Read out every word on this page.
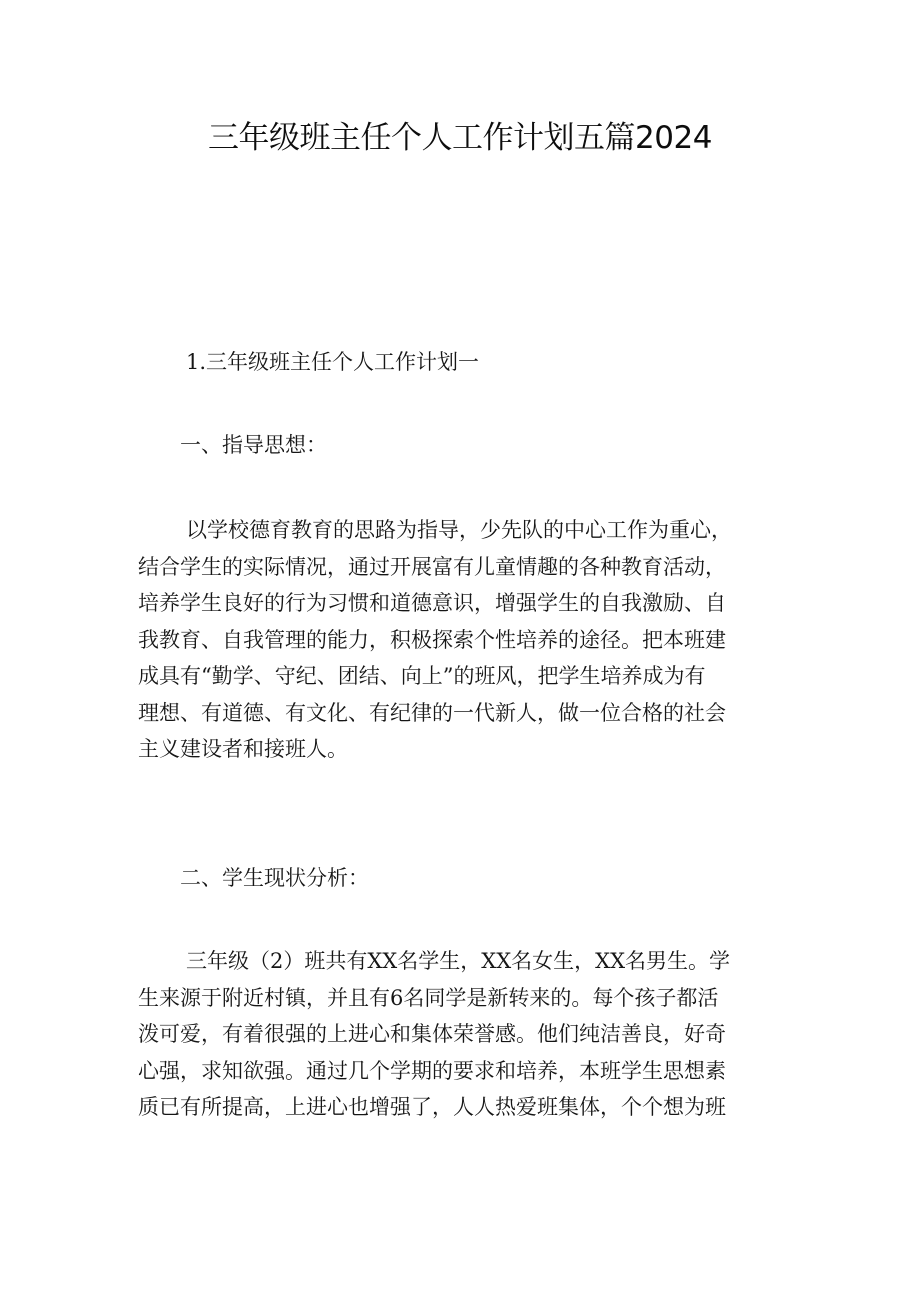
三年级班主任个人工作计划五篇2024
1.三年级班主任个人工作计划一
一、指导思想：
以学校德育教育的思路为指导，少先队的中心工作为重心，
结合学生的实际情况，通过开展富有儿童情趣的各种教育活动，
培养学生良好的行为习惯和道德意识，增强学生的自我激励、自
我教育、自我管理的能力，积极探索个性培养的途径。把本班建
成具有“勤学、守纪、团结、向上”的班风，把学生培养成为有
理想、有道德、有文化、有纪律的一代新人，做一位合格的社会
主义建设者和接班人。
二、学生现状分析：
三年级（2）班共有XX名学生，XX名女生，XX名男生。学
生来源于附近村镇，并且有6名同学是新转来的。每个孩子都活
泼可爱，有着很强的上进心和集体荣誉感。他们纯洁善良，好奇
心强，求知欲强。通过几个学期的要求和培养，本班学生思想素
质已有所提高，上进心也增强了，人人热爱班集体，个个想为班
